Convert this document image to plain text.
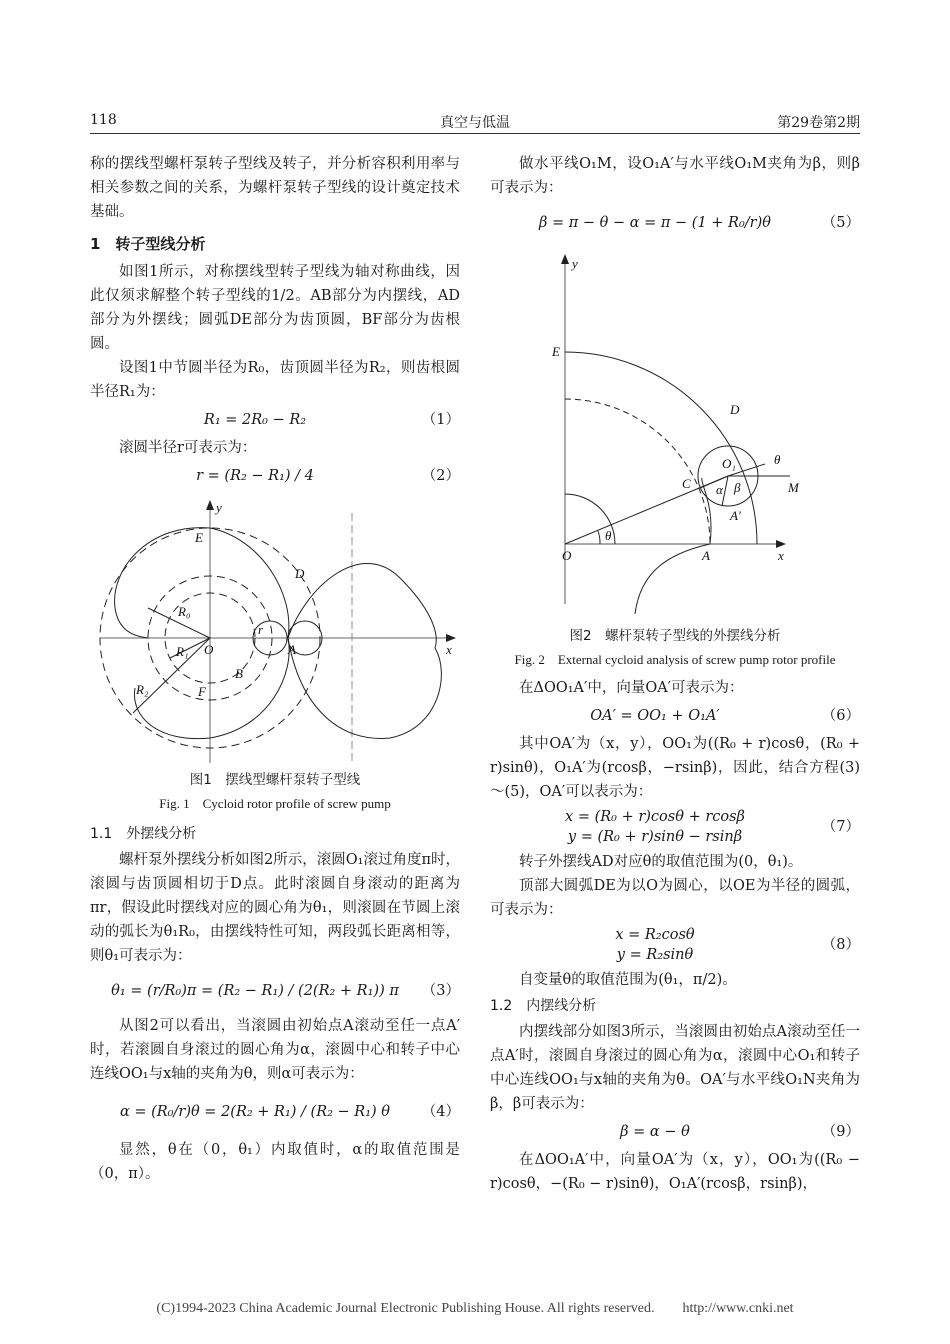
118	真空与低温	第29卷第2期

称的摆线型螺杆泵转子型线及转子，并分析容积利用率与相关参数之间的关系，为螺杆泵转子型线的设计奠定技术基础。

1　转子型线分析

如图1所示，对称摆线型转子型线为轴对称曲线，因此仅须求解整个转子型线的1/2。AB部分为内摆线，AD部分为外摆线；圆弧DE部分为齿顶圆，BF部分为齿根圆。

设图1中节圆半径为R₀，齿顶圆半径为R₂，则齿根圆半径R₁为：

R₁ = 2R₀ − R₂	（1）

滚圆半径r可表示为：

r = (R₂ − R₁) / 4	（2）
y
x
E
D
O	A
B
F
R₀
R₁
R₂
r
图1　摆线型螺杆泵转子型线
Fig. 1　Cycloid rotor profile of screw pump
1.1　外摆线分析

螺杆泵外摆线分析如图2所示，滚圆O₁滚过角度π时，滚圆与齿顶圆相切于D点。此时滚圆自身滚动的距离为πr，假设此时摆线对应的圆心角为θ₁，则滚圆在节圆上滚动的弧长为θ₁R₀，由摆线特性可知，两段弧长距离相等，则θ₁可表示为：

θ₁ = (r/R₀)π = (R₂ − R₁) / (2(R₂ + R₁)) π	（3）

从图2可以看出，当滚圆由初始点A滚动至任一点A′时，若滚圆自身滚过的圆心角为α，滚圆中心和转子中心连线OO₁与x轴的夹角为θ，则α可表示为：

α = (R₀/r)θ = 2(R₂ + R₁) / (R₂ − R₁) θ	（4）

显然，θ在（0，θ₁）内取值时，α的取值范围是（0，π）。

做水平线O₁M，设O₁A′与水平线O₁M夹角为β，则β可表示为：

β = π − θ − α = π − (1 + R₀/r)θ	（5）
y
x
E
D
O	A
C
A′
O₁
M
θ
θ
α β
图2　螺杆泵转子型线的外摆线分析
Fig. 2　External cycloid analysis of screw pump rotor profile

在ΔOO₁A′中，向量OA′可表示为：

OA′ = OO₁ + O₁A′	（6）

其中OA′为（x，y），OO₁为((R₀ + r)cosθ，(R₀ + r)sinθ)，O₁A′为(rcosβ，−rsinβ)，因此，结合方程(3)～(5)，OA′可以表示为：

x = (R₀ + r)cosθ + rcosβ
y = (R₀ + r)sinθ − rsinβ
（7）

转子外摆线AD对应θ的取值范围为(0，θ₁)。

顶部大圆弧DE为以O为圆心，以OE为半径的圆弧，可表示为：

x = R₂cosθ
y = R₂sinθ
（8）

自变量θ的取值范围为(θ₁，π/2)。

1.2　内摆线分析

内摆线部分如图3所示，当滚圆由初始点A滚动至任一点A′时，滚圆自身滚过的圆心角为α，滚圆中心O₁和转子中心连线OO₁与x轴的夹角为θ。OA′与水平线O₁N夹角为β，β可表示为：

β = α − θ	（9）

在ΔOO₁A′中，向量OA′为（x，y），OO₁为((R₀ − r)cosθ，−(R₀ − r)sinθ)，O₁A′(rcosβ，rsinβ)，

(C)1994-2023 China Academic Journal Electronic Publishing House. All rights reserved.　　http://www.cnki.net
